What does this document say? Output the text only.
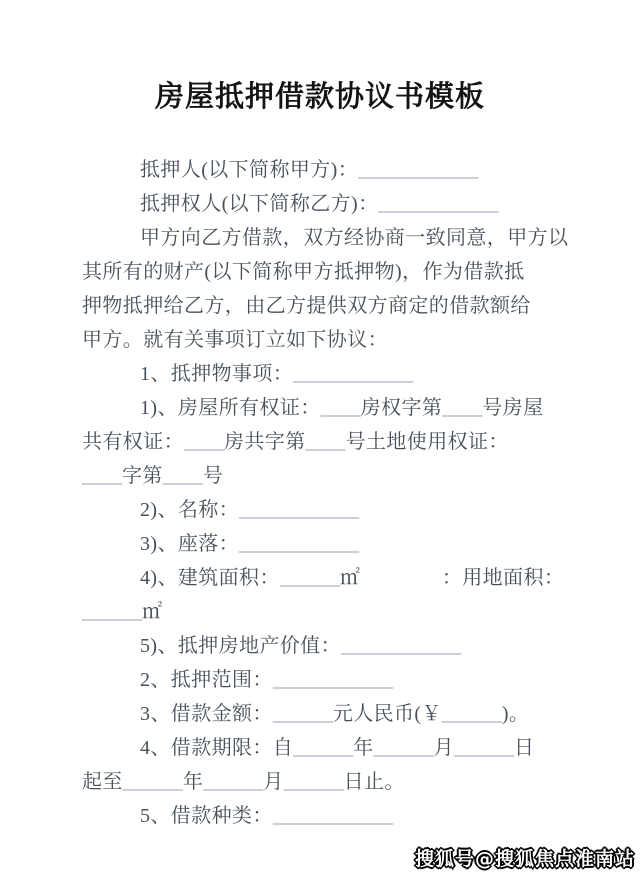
房屋抵押借款协议书模板
抵押人(以下简称甲方)：____________
抵押权人(以下简称乙方)：____________
甲方向乙方借款，双方经协商一致同意，甲方以
其所有的财产(以下简称甲方抵押物)，作为借款抵
押物抵押给乙方，由乙方提供双方商定的借款额给
甲方。就有关事项订立如下协议：
1、抵押物事项：____________
1)、房屋所有权证：____房权字第____号房屋
共有权证：____房共字第____号土地使用权证：
____字第____号
2)、名称：____________
3)、座落：____________
4)、建筑面积：______㎡　　　　：用地面积：
______㎡
5)、抵押房地产价值：____________
2、抵押范围：____________
3、借款金额：______元人民币(￥______)。
4、借款期限：自______年______月______日
起至______年______月______日止。
5、借款种类：____________
搜狐号@搜狐焦点淮南站
